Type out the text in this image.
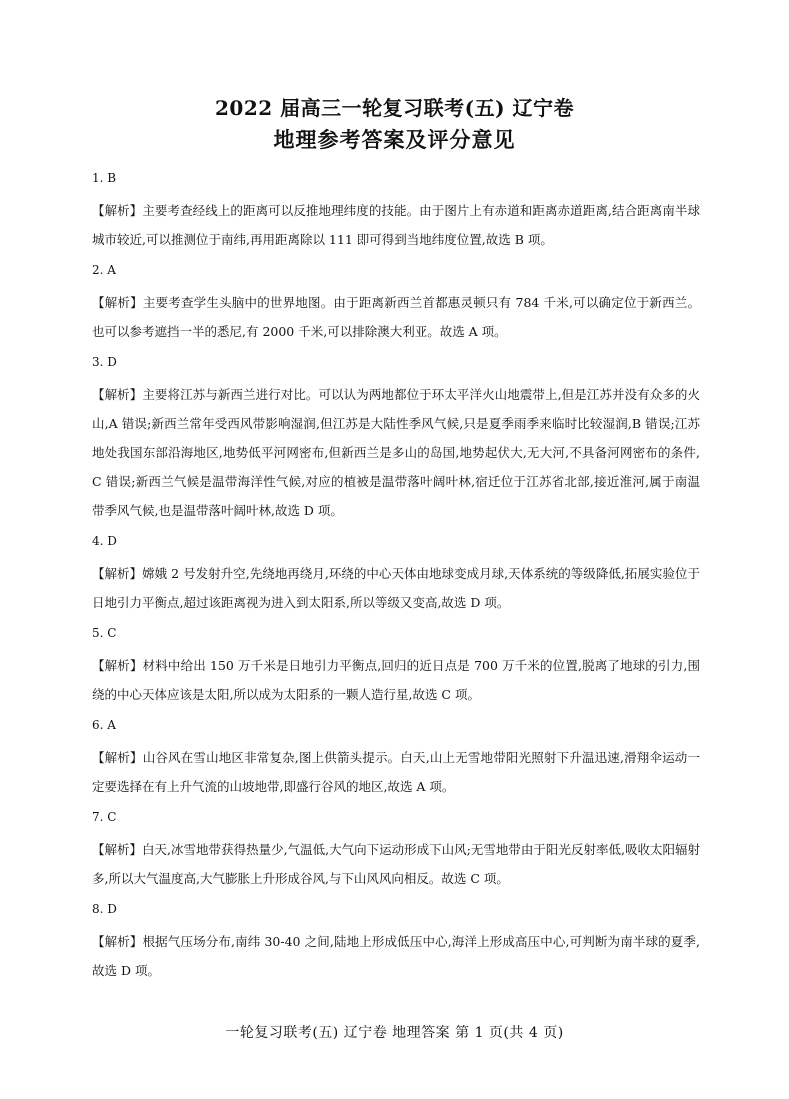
2022 届高三一轮复习联考(五) 辽宁卷
地理参考答案及评分意见
1. B
【解析】主要考查经线上的距离可以反推地理纬度的技能。由于图片上有赤道和距离赤道距离,结合距离南半球城市较近,可以推测位于南纬,再用距离除以 111 即可得到当地纬度位置,故选 B 项。
2. A
【解析】主要考查学生头脑中的世界地图。由于距离新西兰首都惠灵顿只有 784 千米,可以确定位于新西兰。也可以参考遮挡一半的悉尼,有 2000 千米,可以排除澳大利亚。故选 A 项。
3. D
【解析】主要将江苏与新西兰进行对比。可以认为两地都位于环太平洋火山地震带上,但是江苏并没有众多的火山,A 错误;新西兰常年受西风带影响湿润,但江苏是大陆性季风气候,只是夏季雨季来临时比较湿润,B 错误;江苏地处我国东部沿海地区,地势低平河网密布,但新西兰是多山的岛国,地势起伏大,无大河,不具备河网密布的条件,C 错误;新西兰气候是温带海洋性气候,对应的植被是温带落叶阔叶林,宿迁位于江苏省北部,接近淮河,属于南温带季风气候,也是温带落叶阔叶林,故选 D 项。
4. D
【解析】嫦娥 2 号发射升空,先绕地再绕月,环绕的中心天体由地球变成月球,天体系统的等级降低,拓展实验位于日地引力平衡点,超过该距离视为进入到太阳系,所以等级又变高,故选 D 项。
5. C
【解析】材料中给出 150 万千米是日地引力平衡点,回归的近日点是 700 万千米的位置,脱离了地球的引力,围绕的中心天体应该是太阳,所以成为太阳系的一颗人造行星,故选 C 项。
6. A
【解析】山谷风在雪山地区非常复杂,图上供箭头提示。白天,山上无雪地带阳光照射下升温迅速,滑翔伞运动一定要选择在有上升气流的山坡地带,即盛行谷风的地区,故选 A 项。
7. C
【解析】白天,冰雪地带获得热量少,气温低,大气向下运动形成下山风;无雪地带由于阳光反射率低,吸收太阳辐射多,所以大气温度高,大气膨胀上升形成谷风,与下山风风向相反。故选 C 项。
8. D
【解析】根据气压场分布,南纬 30-40 之间,陆地上形成低压中心,海洋上形成高压中心,可判断为南半球的夏季,故选 D 项。
一轮复习联考(五) 辽宁卷 地理答案 第 1 页(共 4 页)
